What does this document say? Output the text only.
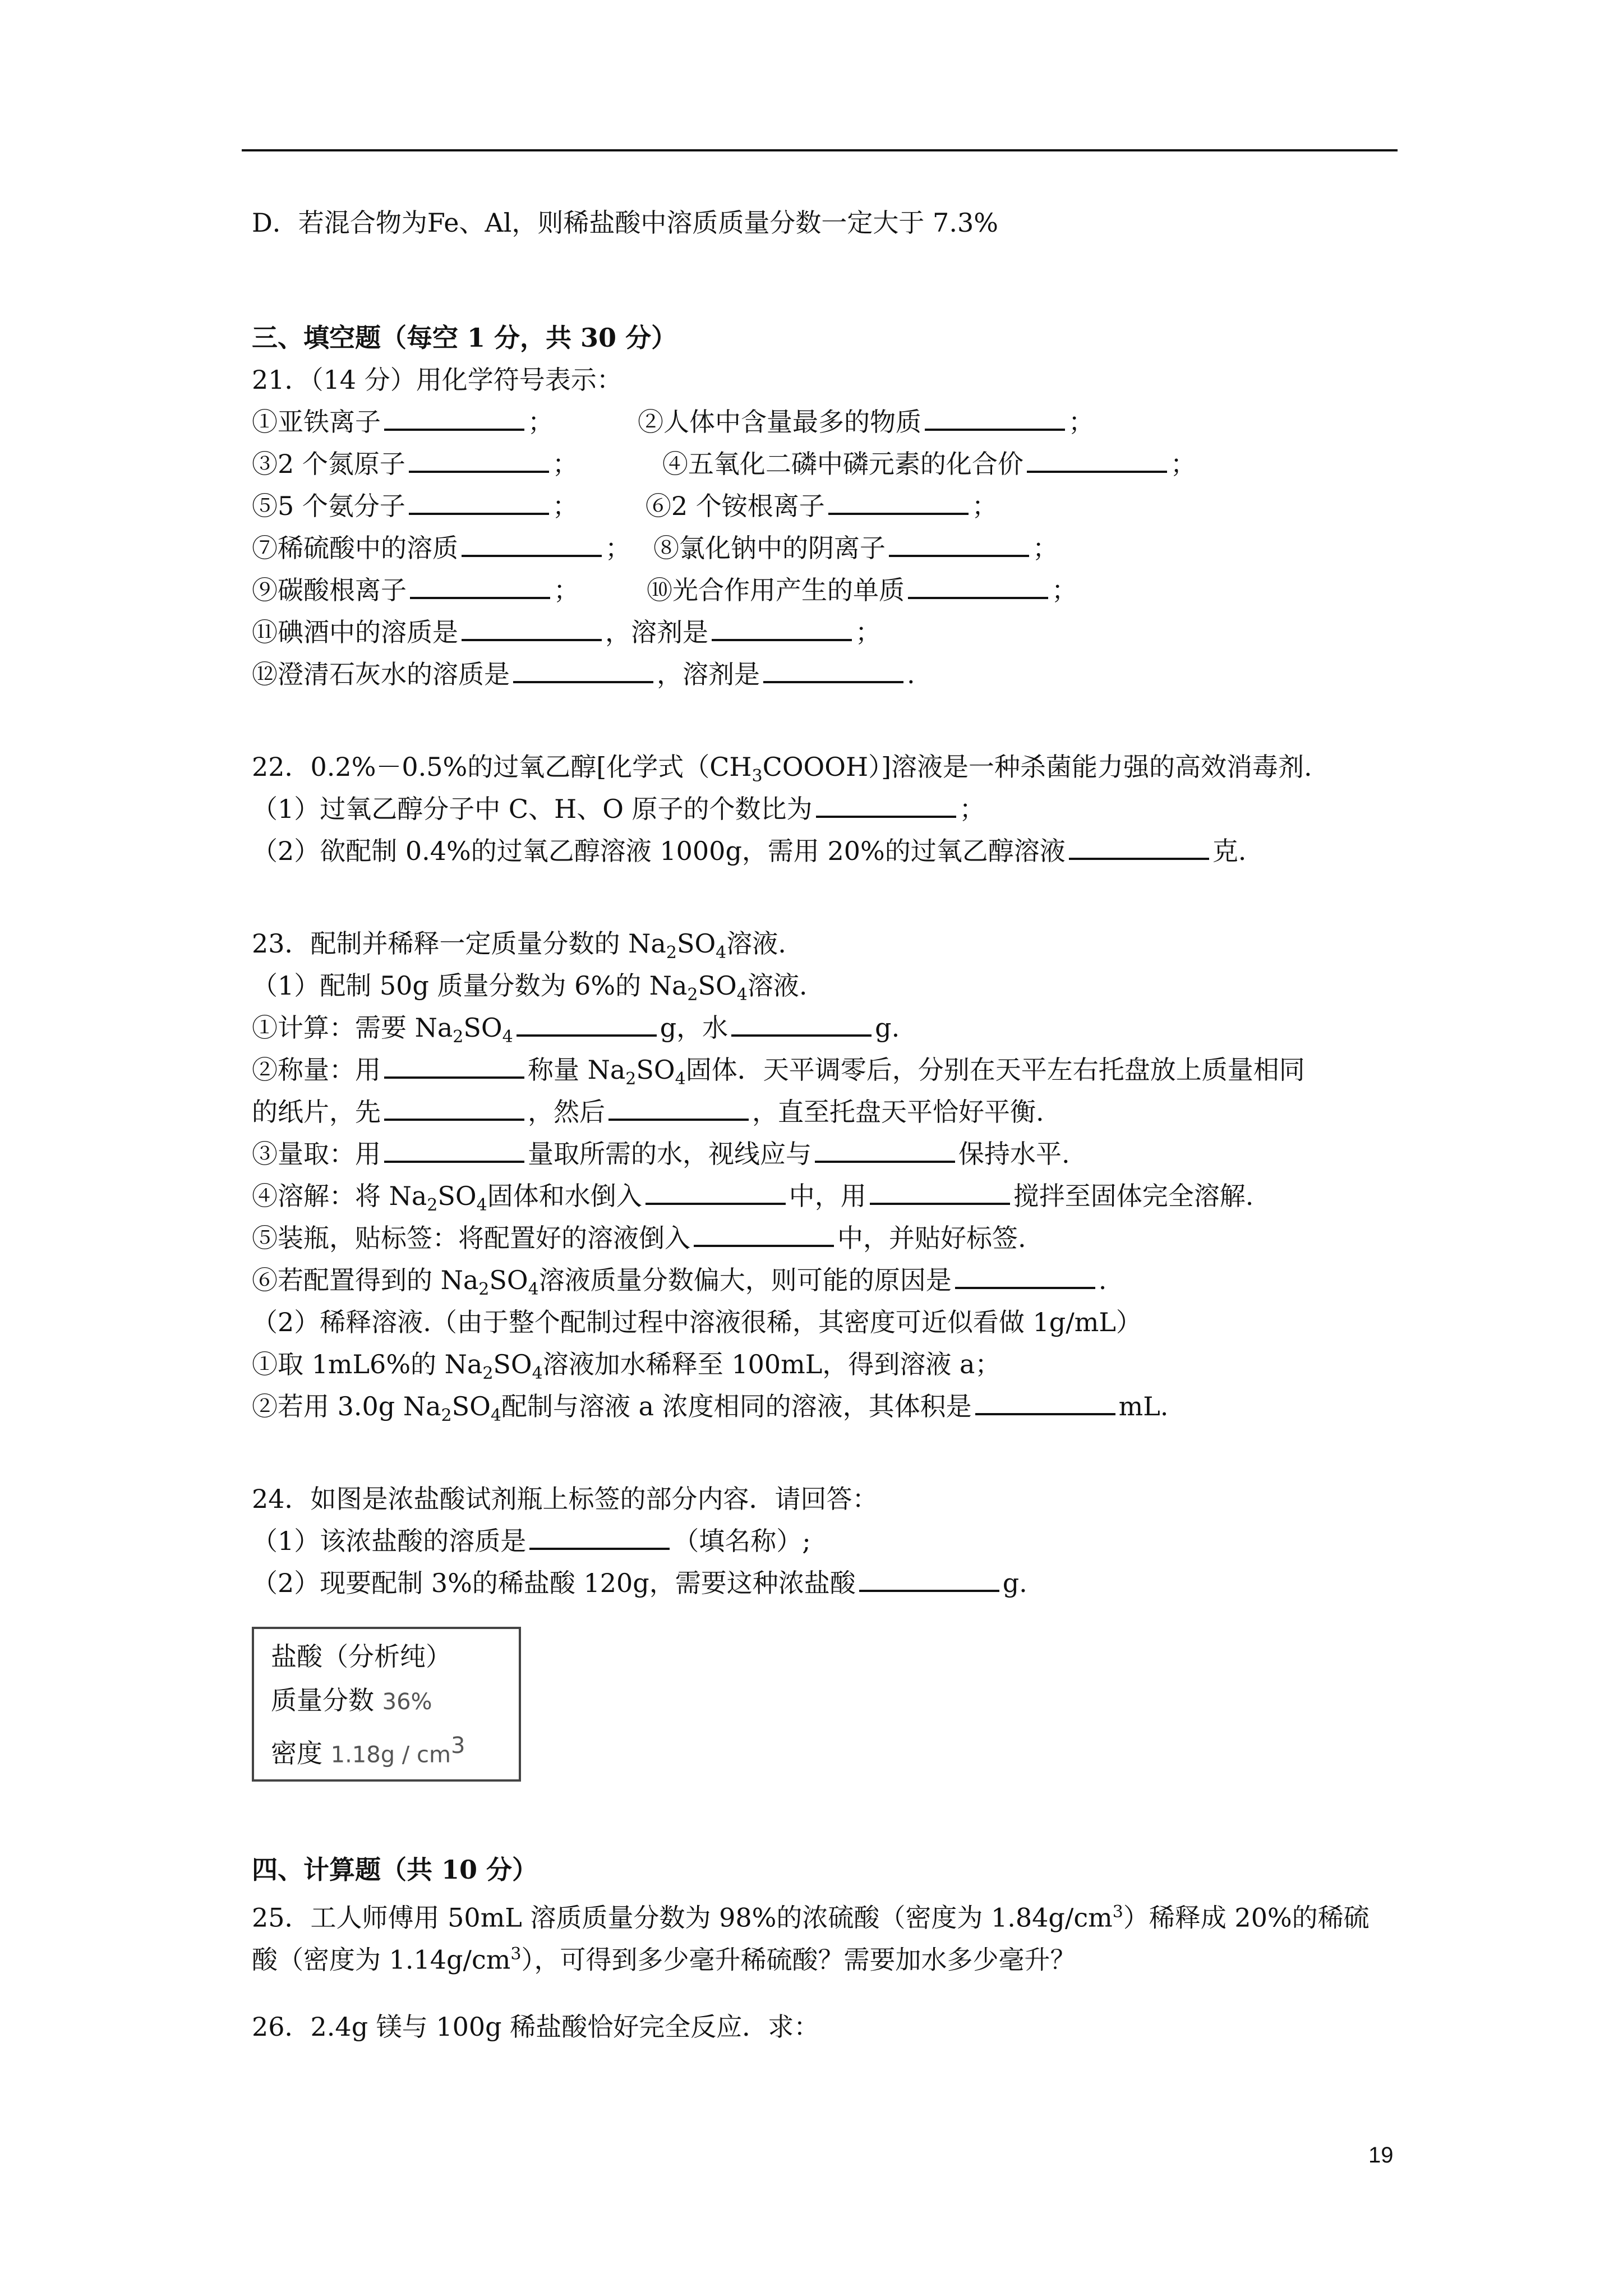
D．若混合物为Fe、Al，则稀盐酸中溶质质量分数一定大于 7.3%
三、填空题（每空 1 分，共 30 分）
21．（14 分）用化学符号表示：
①亚铁离子	；	②人体中含量最多的物质	；
③2 个氮原子	；	④五氧化二磷中磷元素的化合价	；
⑤5 个氨分子	；	⑥2 个铵根离子	；
⑦稀硫酸中的溶质	； ⑧氯化钠中的阴离子	；
⑨碳酸根离子	；	⑩光合作用产生的单质	；
⑪碘酒中的溶质是	，溶剂是	；
⑫澄清石灰水的溶质是	，溶剂是	.
22．0.2%－0.5%的过氧乙醇[化学式$(CH_3COOOH)$]溶液是一种杀菌能力强的高效消毒剂.
（1）过氧乙醇分子中 C、H、O 原子的个数比为	；
（2）欲配制 0.4%的过氧乙醇溶液 1000g，需用 20%的过氧乙醇溶液	克.
23．配制并稀释一定质量分数的 $Na_2SO_4$溶液.
（1）配制 50g 质量分数为 6%的 $Na_2SO_4$溶液.
①计算：需要 $Na_2SO_4$	g，水	g.
②称量：用	称量 $Na_2SO_4$固体．天平调零后，分别在天平左右托盘放上质量相同
的纸片，先	，然后	，直至托盘天平恰好平衡.
③量取：用	量取所需的水，视线应与	保持水平.
④溶解：将 $Na_2SO_4$固体和水倒入	中，用	搅拌至固体完全溶解.
⑤装瓶，贴标签：将配置好的溶液倒入	中，并贴好标签.
⑥若配置得到的 $Na_2SO_4$溶液质量分数偏大，则可能的原因是	.
（2）稀释溶液.（由于整个配制过程中溶液很稀，其密度可近似看做 1g/mL）
①取 1mL6%的 $Na_2SO_4$溶液加水稀释至 100mL，得到溶液 a；
②若用 3.0g $Na_2SO_4$配制与溶液 a 浓度相同的溶液，其体积是	mL.
24．如图是浓盐酸试剂瓶上标签的部分内容．请回答：
（1）该浓盐酸的溶质是	（填名称）;
（2）现要配制 3%的稀盐酸 120g，需要这种浓盐酸	g.
盐酸（分析纯）
质量分数 36%
密度 $1.18g / cm^3$
四、计算题（共 10 分）
25．工人师傅用 50mL 溶质质量分数为 98%的浓硫酸（密度为 $1.84g/cm^3$）稀释成 20%的稀硫
酸（密度为 $1.14g/cm^3$），可得到多少毫升稀硫酸？需要加水多少毫升？
26．2.4g 镁与 100g 稀盐酸恰好完全反应．求：
19
